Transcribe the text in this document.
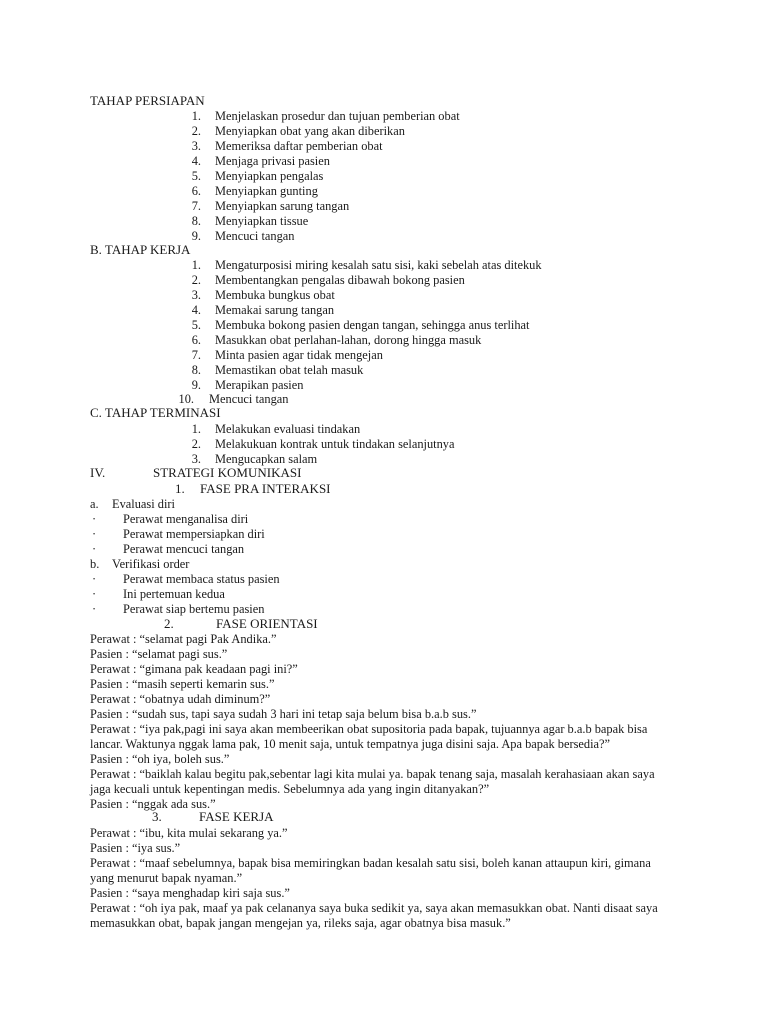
TAHAP PERSIAPAN
1. Menjelaskan prosedur dan tujuan pemberian obat
2. Menyiapkan obat yang akan diberikan
3. Memeriksa daftar pemberian obat
4. Menjaga privasi pasien
5. Menyiapkan pengalas
6. Menyiapkan gunting
7. Menyiapkan sarung tangan
8. Menyiapkan tissue
9. Mencuci tangan
B. TAHAP KERJA
1. Mengaturposisi miring kesalah satu sisi, kaki sebelah atas ditekuk
2. Membentangkan pengalas dibawah bokong pasien
3. Membuka bungkus obat
4. Memakai sarung tangan
5. Membuka bokong pasien dengan tangan, sehingga anus terlihat
6. Masukkan obat perlahan-lahan, dorong hingga masuk
7. Minta pasien agar tidak mengejan
8. Memastikan obat telah masuk
9. Merapikan pasien
10. Mencuci tangan
C. TAHAP TERMINASI
1. Melakukan evaluasi tindakan
2. Melakukuan kontrak untuk tindakan selanjutnya
3. Mengucapkan salam
IV.	STRATEGI KOMUNIKASI
1. FASE PRA INTERAKSI
a. Evaluasi diri
· Perawat menganalisa diri
· Perawat mempersiapkan diri
· Perawat mencuci tangan
b. Verifikasi order
· Perawat membaca status pasien
· Ini pertemuan kedua
· Perawat siap bertemu pasien
2.	FASE ORIENTASI
Perawat : “selamat pagi Pak Andika.”
Pasien : “selamat pagi sus.”
Perawat : “gimana pak keadaan pagi ini?”
Pasien : “masih seperti kemarin sus.”
Perawat : “obatnya udah diminum?”
Pasien : “sudah sus, tapi saya sudah 3 hari ini tetap saja belum bisa b.a.b sus.”
Perawat : “iya pak,pagi ini saya akan membeerikan obat supositoria pada bapak, tujuannya agar b.a.b bapak bisa
lancar. Waktunya nggak lama pak, 10 menit saja, untuk tempatnya juga disini saja. Apa bapak bersedia?”
Pasien : “oh iya, boleh sus.”
Perawat : “baiklah kalau begitu pak,sebentar lagi kita mulai ya. bapak tenang saja, masalah kerahasiaan akan saya
jaga kecuali untuk kepentingan medis. Sebelumnya ada yang ingin ditanyakan?”
Pasien : “nggak ada sus.”
3.	FASE KERJA
Perawat : “ibu, kita mulai sekarang ya.”
Pasien : “iya sus.”
Perawat : “maaf sebelumnya, bapak bisa memiringkan badan kesalah satu sisi, boleh kanan attaupun kiri, gimana
yang menurut bapak nyaman.”
Pasien : “saya menghadap kiri saja sus.”
Perawat : “oh iya pak, maaf ya pak celananya saya buka sedikit ya, saya akan memasukkan obat. Nanti disaat saya
memasukkan obat, bapak jangan mengejan ya, rileks saja, agar obatnya bisa masuk.”
